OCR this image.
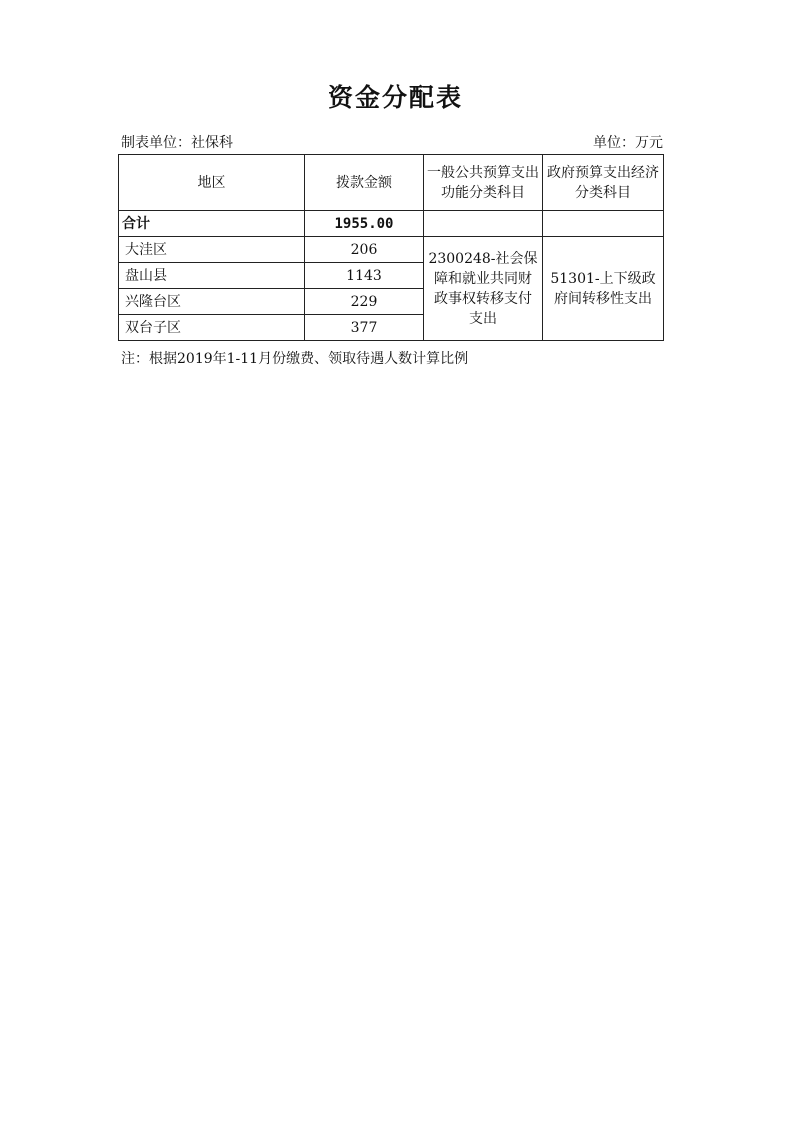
资金分配表
制表单位：社保科	单位：万元
地区	拨款金额	一般公共预算支出功能分类科目	政府预算支出经济分类科目
合计	1955.00		
大洼区	206	2300248-社会保障和就业共同财政事权转移支付支出	51301-上下级政府间转移性支出
盘山县	1143		
兴隆台区	229		
双台子区	377		
注：根据2019年1-11月份缴费、领取待遇人数计算比例
